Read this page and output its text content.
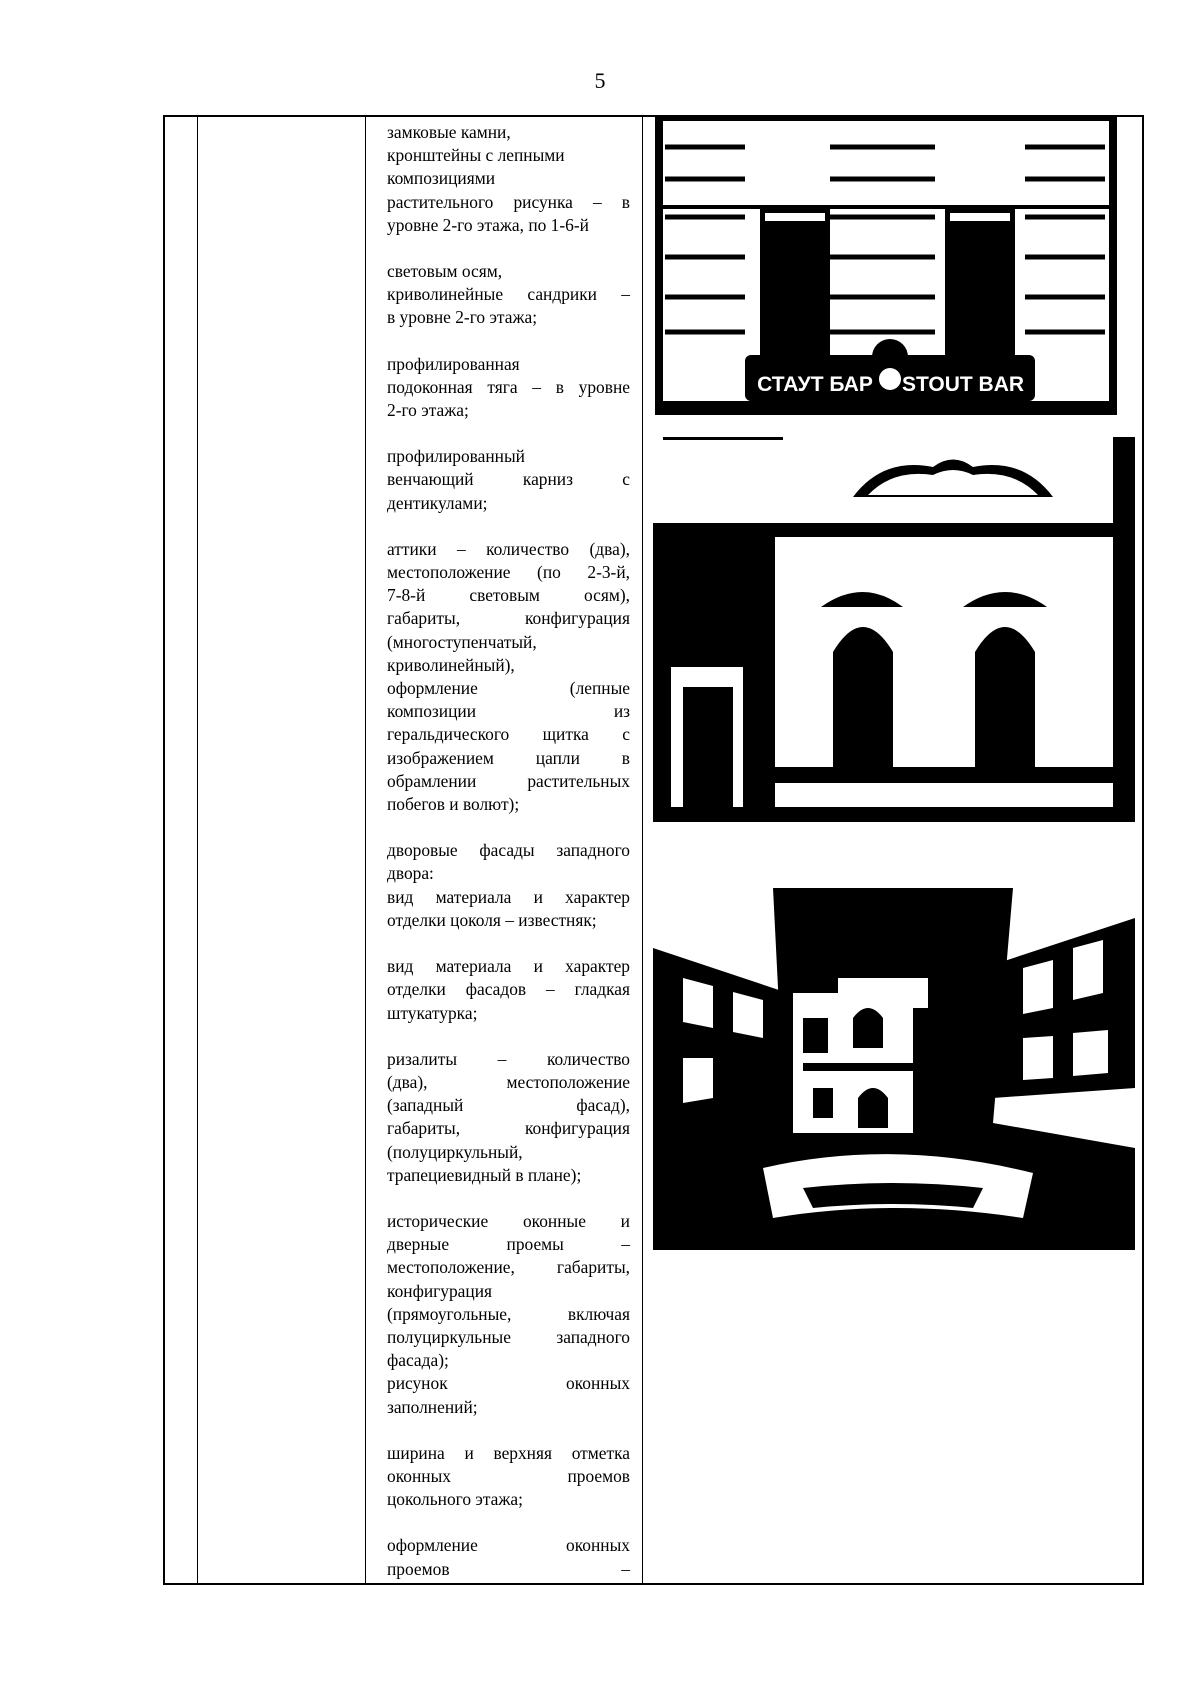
5

замковые камни,

кронштейны с лепными

композициями

растительного рисунка – в

уровне 2-го этажа, по 1-6-й

световым осям,

криволинейные сандрики –

в уровне 2-го этажа;

профилированная

подоконная тяга – в уровне

2-го этажа;

профилированный

венчающий карниз с

дентикулами;

аттики – количество (два),

местоположение (по 2-3-й,

7-8-й световым осям),

габариты, конфигурация

(многоступенчатый,

криволинейный),

оформление (лепные

композиции из

геральдического щитка с

изображением цапли в

обрамлении растительных

побегов и волют);

дворовые фасады западного

двора:

вид материала и характер

отделки цоколя – известняк;

вид материала и характер

отделки фасадов – гладкая

штукатурка;

ризалиты – количество

(два), местоположение

(западный фасад),

габариты, конфигурация

(полуциркульный,

трапециевидный в плане);

исторические оконные и

дверные проемы –

местоположение, габариты,

конфигурация

(прямоугольные, включая

полуциркульные западного

фасада);

рисунок оконных

заполнений;

ширина и верхняя отметка

оконных проемов

цокольного этажа;

оформление оконных

проемов –

СТАУТ БАР STOUT BAR
